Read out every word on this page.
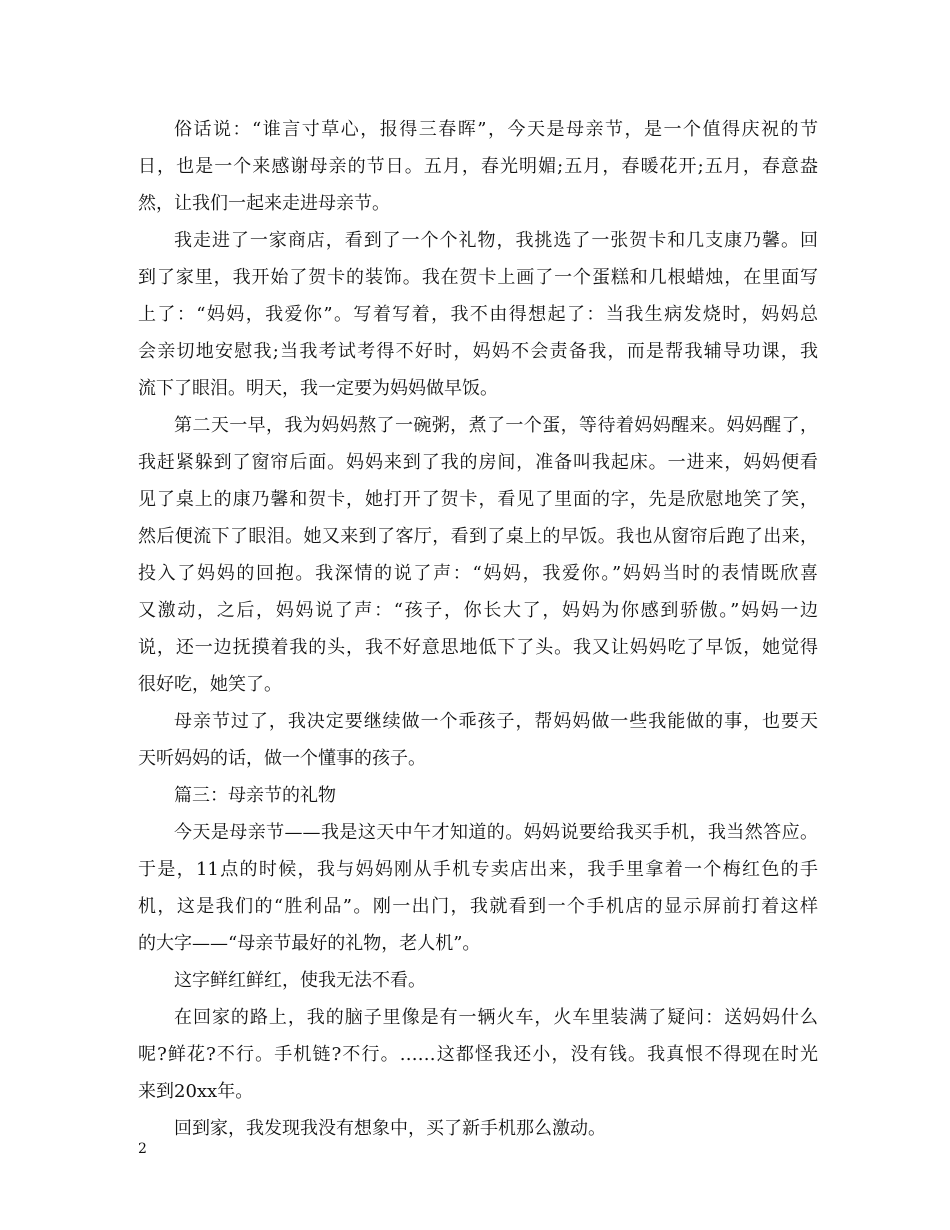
俗话说：“谁言寸草心，报得三春晖”，今天是母亲节，是一个值得庆祝的节
日，也是一个来感谢母亲的节日。五月，春光明媚;五月，春暖花开;五月，春意盎
然，让我们一起来走进母亲节。
我走进了一家商店，看到了一个个礼物，我挑选了一张贺卡和几支康乃馨。回
到了家里，我开始了贺卡的装饰。我在贺卡上画了一个蛋糕和几根蜡烛，在里面写
上了：“妈妈，我爱你”。写着写着，我不由得想起了：当我生病发烧时，妈妈总
会亲切地安慰我;当我考试考得不好时，妈妈不会责备我，而是帮我辅导功课，我
流下了眼泪。明天，我一定要为妈妈做早饭。
第二天一早，我为妈妈熬了一碗粥，煮了一个蛋，等待着妈妈醒来。妈妈醒了，
我赶紧躲到了窗帘后面。妈妈来到了我的房间，准备叫我起床。一进来，妈妈便看
见了桌上的康乃馨和贺卡，她打开了贺卡，看见了里面的字，先是欣慰地笑了笑，
然后便流下了眼泪。她又来到了客厅，看到了桌上的早饭。我也从窗帘后跑了出来，
投入了妈妈的回抱。我深情的说了声：“妈妈，我爱你。”妈妈当时的表情既欣喜
又激动，之后，妈妈说了声：“孩子，你长大了，妈妈为你感到骄傲。”妈妈一边
说，还一边抚摸着我的头，我不好意思地低下了头。我又让妈妈吃了早饭，她觉得
很好吃，她笑了。
母亲节过了，我决定要继续做一个乖孩子，帮妈妈做一些我能做的事，也要天
天听妈妈的话，做一个懂事的孩子。
篇三：母亲节的礼物
今天是母亲节——我是这天中午才知道的。妈妈说要给我买手机，我当然答应。
于是，11点的时候，我与妈妈刚从手机专卖店出来，我手里拿着一个梅红色的手
机，这是我们的“胜利品”。刚一出门，我就看到一个手机店的显示屏前打着这样
的大字——“母亲节最好的礼物，老人机”。
这字鲜红鲜红，使我无法不看。
在回家的路上，我的脑子里像是有一辆火车，火车里装满了疑问：送妈妈什么
呢?鲜花?不行。手机链?不行。……这都怪我还小，没有钱。我真恨不得现在时光
来到20xx年。
回到家，我发现我没有想象中，买了新手机那么激动。
2
